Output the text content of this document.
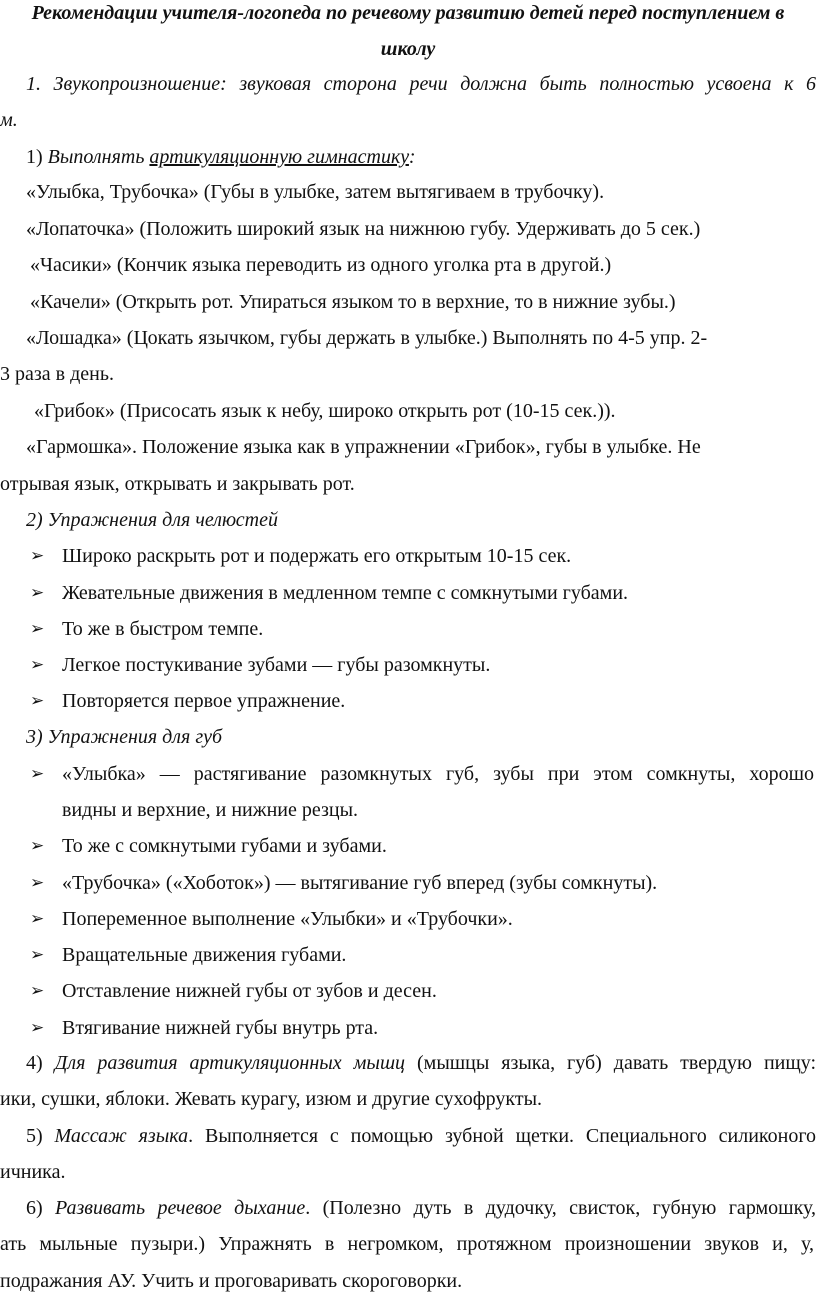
Рекомендации учителя-логопеда по речевому развитию детей перед поступлением в
школу
1. Звукопроизношение: звуковая сторона речи должна быть полностью усвоена к 6
м.
1) Выполнять артикуляционную гимнастику:
«Улыбка, Трубочка» (Губы в улыбке, затем вытягиваем в трубочку).
«Лопаточка» (Положить широкий язык на нижнюю губу. Удерживать до 5 сек.)
«Часики» (Кончик языка переводить из одного уголка рта в другой.)
«Качели» (Открыть рот. Упираться языком то в верхние, то в нижние зубы.)
«Лошадка» (Цокать язычком, губы держать в улыбке.) Выполнять по 4-5 упр. 2-
3 раза в день.
«Грибок» (Присосать язык к небу, широко открыть рот (10-15 сек.)).
«Гармошка». Положение языка как в упражнении «Грибок», губы в улыбке. Не
отрывая язык, открывать и закрывать рот.
2) Упражнения для челюстей
➢ Широко раскрыть рот и подержать его открытым 10-15 сек.
➢ Жевательные движения в медленном темпе с сомкнутыми губами.
➢ То же в быстром темпе.
➢ Легкое постукивание зубами — губы разомкнуты.
➢ Повторяется первое упражнение.
3) Упражнения для губ
➢ «Улыбка» — растягивание разомкнутых губ, зубы при этом сомкнуты, хорошо
видны и верхние, и нижние резцы.
➢ То же с сомкнутыми губами и зубами.
➢ «Трубочка» («Хоботок») — вытягивание губ вперед (зубы сомкнуты).
➢ Попеременное выполнение «Улыбки» и «Трубочки».
➢ Вращательные движения губами.
➢ Отставление нижней губы от зубов и десен.
➢ Втягивание нижней губы внутрь рта.
4) Для развития артикуляционных мышц (мышцы языка, губ) давать твердую пищу:
ики, сушки, яблоки. Жевать курагу, изюм и другие сухофрукты.
5) Массаж языка. Выполняется с помощью зубной щетки. Специального силиконого
ичника.
6) Развивать речевое дыхание. (Полезно дуть в дудочку, свисток, губную гармошку,
ать мыльные пузыри.) Упражнять в негромком, протяжном произношении звуков и, у,
подражания АУ. Учить и проговаривать скороговорки.
